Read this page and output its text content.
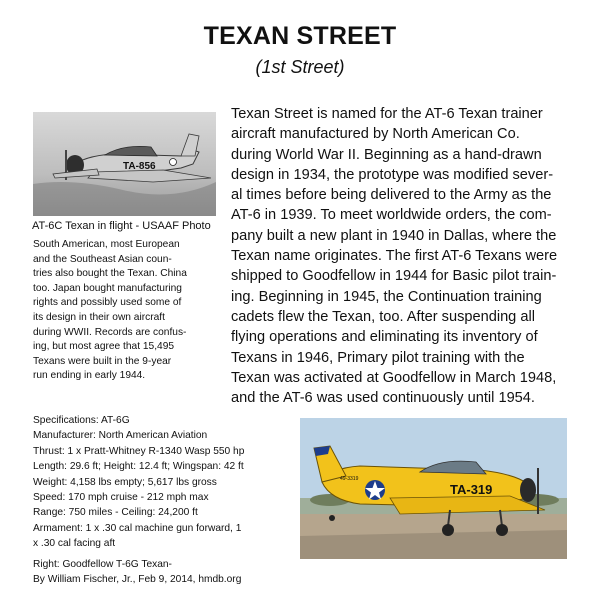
TEXAN STREET
(1st Street)
TA-856
AT-6C Texan in flight - USAAF Photo
South American, most European
and the Southeast Asian coun-
tries also bought the Texan. China
too. Japan bought manufacturing
rights and possibly used some of
its design in their own aircraft
during WWII. Records are confus-
ing, but most agree that 15,495
Texans were built in the 9-year
run ending in early 1944.
Texan Street is named for the AT-6 Texan trainer
aircraft manufactured by North American Co.
during World War II. Beginning as a hand-drawn
design in 1934, the prototype was modified sever-
al times before being delivered to the Army as the
AT-6 in 1939. To meet worldwide orders, the com-
pany built a new plant in 1940 in Dallas, where the
Texan name originates. The first AT-6 Texans were
shipped to Goodfellow in 1944 for Basic pilot train-
ing. Beginning in 1945, the Continuation training
cadets flew the Texan, too. After suspending all
flying operations and eliminating its inventory of
Texans in 1946, Primary pilot training with the
Texan was activated at Goodfellow in March 1948,
and the AT-6 was used continuously until 1954.
Specifications: AT-6G
Manufacturer: North American Aviation
Thrust: 1 x Pratt-Whitney R-1340 Wasp 550 hp
Length: 29.6 ft; Height: 12.4 ft; Wingspan: 42 ft
Weight: 4,158 lbs empty; 5,617 lbs gross
Speed: 170 mph cruise - 212 mph max
Range: 750 miles - Ceiling: 24,200 ft
Armament: 1 x .30 cal machine gun forward, 1
x .30 cal facing aft
Right: Goodfellow T-6G Texan-
By William Fischer, Jr., Feb 9, 2014, hmdb.org
TA-319
49-3319
